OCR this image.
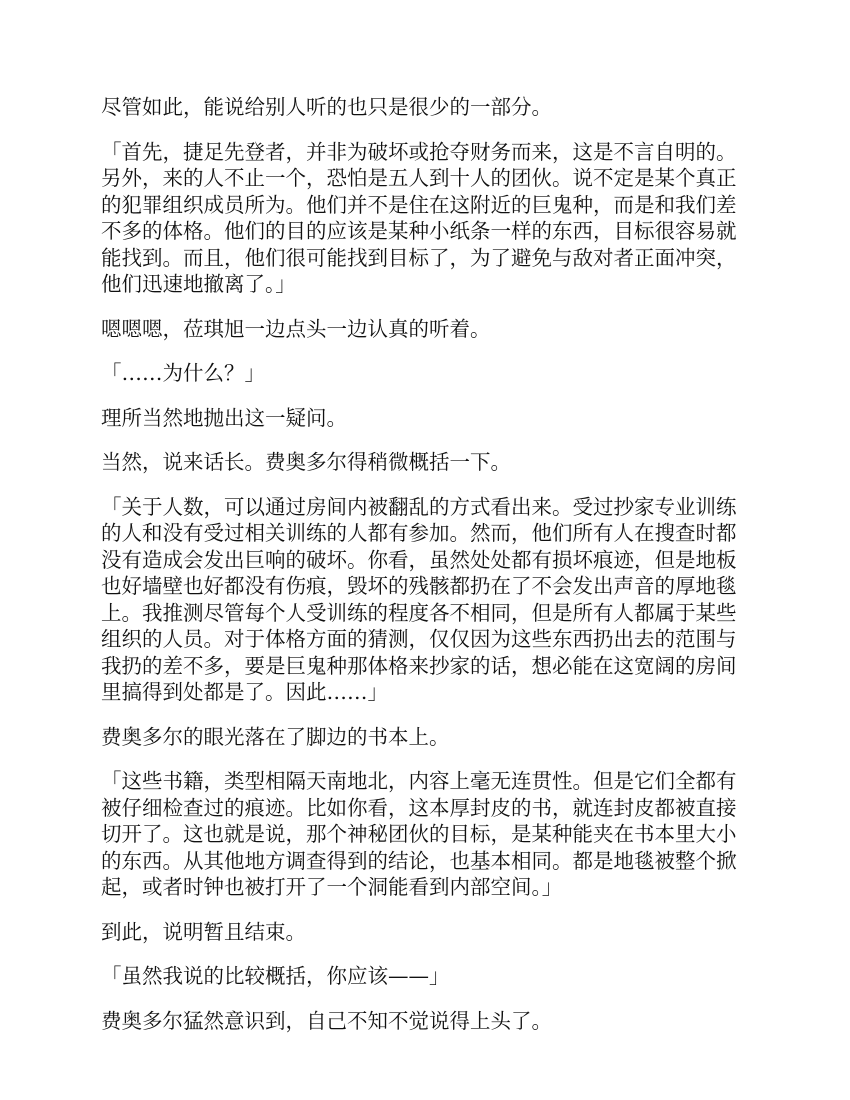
尽管如此，能说给别人听的也只是很少的一部分。

「首先，捷足先登者，并非为破坏或抢夺财务而来，这是不言自明的。另外，来的人不止一个，恐怕是五人到十人的团伙。说不定是某个真正的犯罪组织成员所为。他们并不是住在这附近的巨鬼种，而是和我们差不多的体格。他们的目的应该是某种小纸条一样的东西，目标很容易就能找到。而且，他们很可能找到目标了，为了避免与敌对者正面冲突，他们迅速地撤离了。」

嗯嗯嗯，莅琪旭一边点头一边认真的听着。

「……为什么？」

理所当然地抛出这一疑问。

当然，说来话长。费奥多尔得稍微概括一下。

「关于人数，可以通过房间内被翻乱的方式看出来。受过抄家专业训练的人和没有受过相关训练的人都有参加。然而，他们所有人在搜查时都没有造成会发出巨响的破坏。你看，虽然处处都有损坏痕迹，但是地板也好墙壁也好都没有伤痕，毁坏的残骸都扔在了不会发出声音的厚地毯上。我推测尽管每个人受训练的程度各不相同，但是所有人都属于某些组织的人员。对于体格方面的猜测，仅仅因为这些东西扔出去的范围与我扔的差不多，要是巨鬼种那体格来抄家的话，想必能在这宽阔的房间里搞得到处都是了。因此……」

费奥多尔的眼光落在了脚边的书本上。

「这些书籍，类型相隔天南地北，内容上毫无连贯性。但是它们全都有被仔细检查过的痕迹。比如你看，这本厚封皮的书，就连封皮都被直接切开了。这也就是说，那个神秘团伙的目标，是某种能夹在书本里大小的东西。从其他地方调查得到的结论，也基本相同。都是地毯被整个掀起，或者时钟也被打开了一个洞能看到内部空间。」

到此，说明暂且结束。

「虽然我说的比较概括，你应该——」

费奥多尔猛然意识到，自己不知不觉说得上头了。
